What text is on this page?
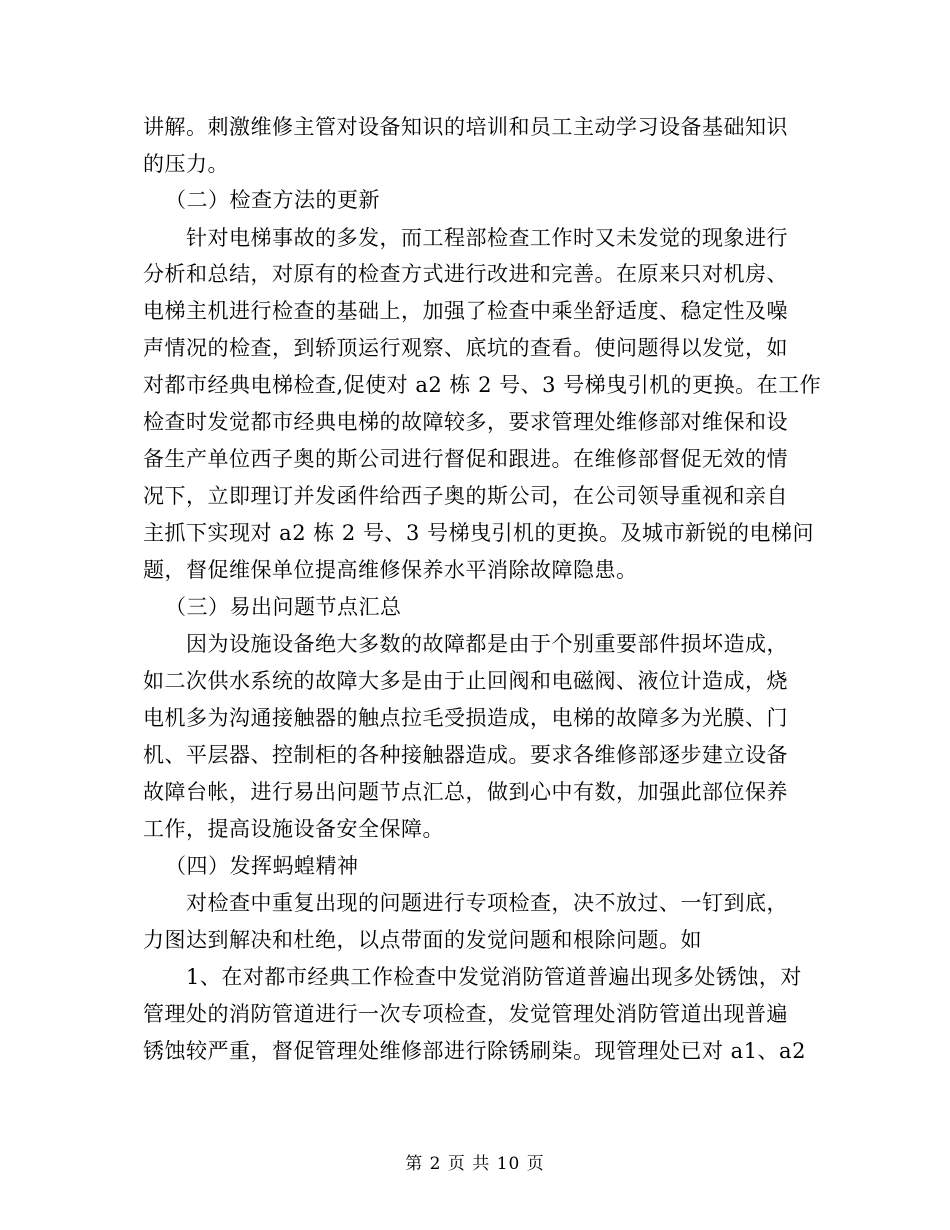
讲解。刺激维修主管对设备知识的培训和员工主动学习设备基础知识
的压力。
（二）检查方法的更新
针对电梯事故的多发，而工程部检查工作时又未发觉的现象进行
分析和总结，对原有的检查方式进行改进和完善。在原来只对机房、
电梯主机进行检查的基础上，加强了检查中乘坐舒适度、稳定性及噪
声情况的检查，到轿顶运行观察、底坑的查看。使问题得以发觉，如
对都市经典电梯检查,促使对 a2 栋 2 号、3 号梯曳引机的更换。在工作
检查时发觉都市经典电梯的故障较多，要求管理处维修部对维保和设
备生产单位西子奥的斯公司进行督促和跟进。在维修部督促无效的情
况下，立即理订并发函件给西子奥的斯公司，在公司领导重视和亲自
主抓下实现对 a2 栋 2 号、3 号梯曳引机的更换。及城市新锐的电梯问
题，督促维保单位提高维修保养水平消除故障隐患。
（三）易出问题节点汇总
因为设施设备绝大多数的故障都是由于个别重要部件损坏造成，
如二次供水系统的故障大多是由于止回阀和电磁阀、液位计造成，烧
电机多为沟通接触器的触点拉毛受损造成，电梯的故障多为光膜、门
机、平层器、控制柜的各种接触器造成。要求各维修部逐步建立设备
故障台帐，进行易出问题节点汇总，做到心中有数，加强此部位保养
工作，提高设施设备安全保障。
（四）发挥蚂蝗精神
对检查中重复出现的问题进行专项检查，决不放过、一钉到底，
力图达到解决和杜绝，以点带面的发觉问题和根除问题。如
1、在对都市经典工作检查中发觉消防管道普遍出现多处锈蚀，对
管理处的消防管道进行一次专项检查，发觉管理处消防管道出现普遍
锈蚀较严重，督促管理处维修部进行除锈刷柒。现管理处已对 a1、a2
第 2 页 共 10 页
